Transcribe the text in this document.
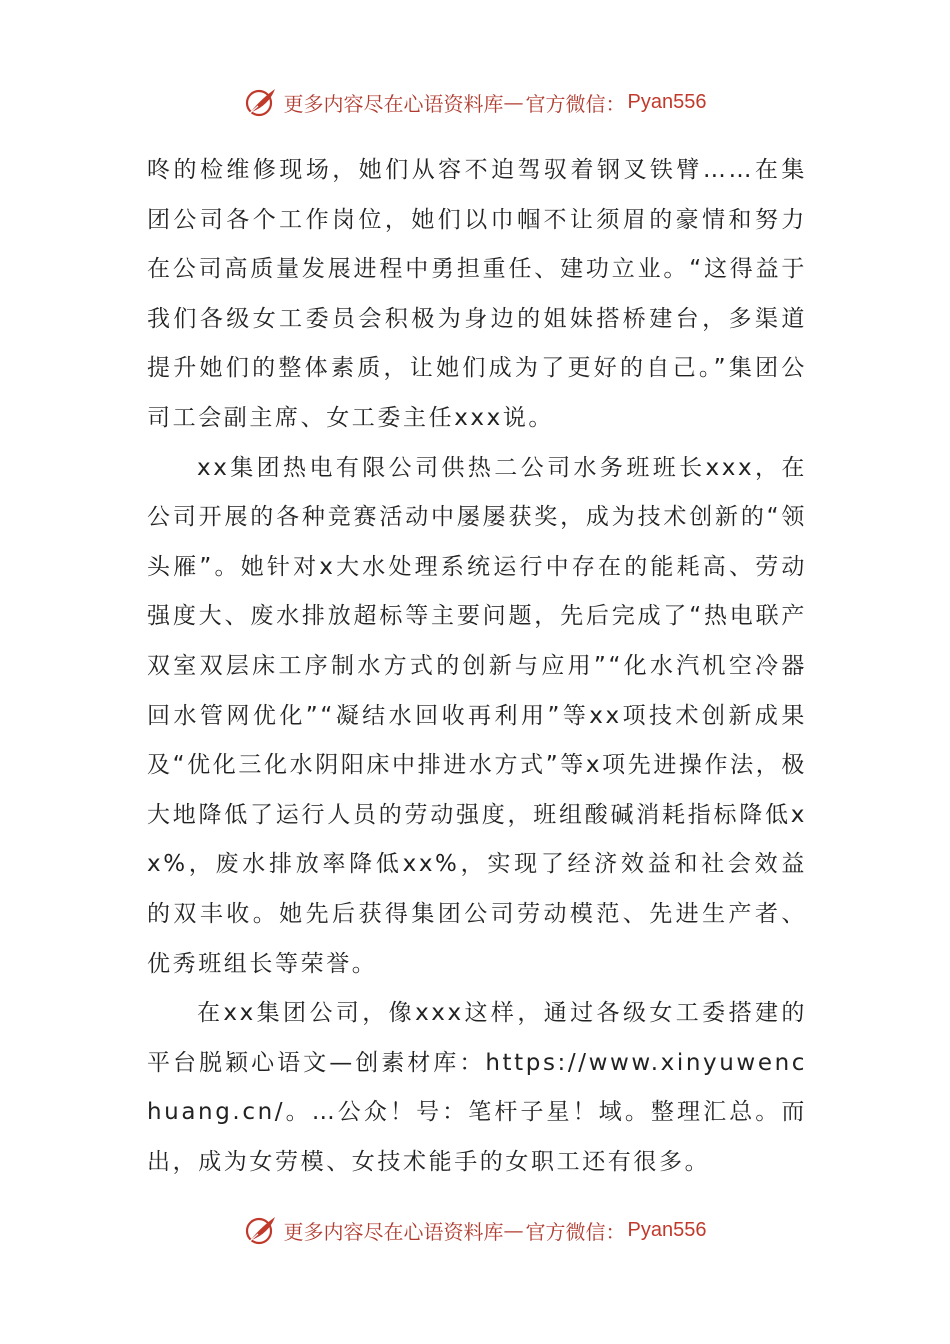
更多内容尽在心语资料库 — 官方微信： Pyan556

咚的检维修现场，她们从容不迫驾驭着钢叉铁臂……在集团公司各个工作岗位，她们以巾帼不让须眉的豪情和努力在公司高质量发展进程中勇担重任、建功立业。“这得益于我们各级女工委员会积极为身边的姐妹搭桥建台，多渠道提升她们的整体素质，让她们成为了更好的自己。”集团公司工会副主席、女工委主任xxx说。

xx集团热电有限公司供热二公司水务班班长xxx，在公司开展的各种竞赛活动中屡屡获奖，成为技术创新的“领头雁”。她针对x大水处理系统运行中存在的能耗高、劳动强度大、废水排放超标等主要问题，先后完成了“热电联产双室双层床工序制水方式的创新与应用”“化水汽机空冷器回水管网优化”“凝结水回收再利用”等xx项技术创新成果及“优化三化水阴阳床中排进水方式”等x项先进操作法，极大地降低了运行人员的劳动强度，班组酸碱消耗指标降低xx%，废水排放率降低xx%，实现了经济效益和社会效益的双丰收。她先后获得集团公司劳动模范、先进生产者、优秀班组长等荣誉。

在xx集团公司，像xxx这样，通过各级女工委搭建的平台脱颖心语文—创素材库：https://www.xinyuwenchuang.cn/。…公众！号：笔杆子星！域。整理汇总。而出，成为女劳模、女技术能手的女职工还有很多。

更多内容尽在心语资料库 — 官方微信： Pyan556
